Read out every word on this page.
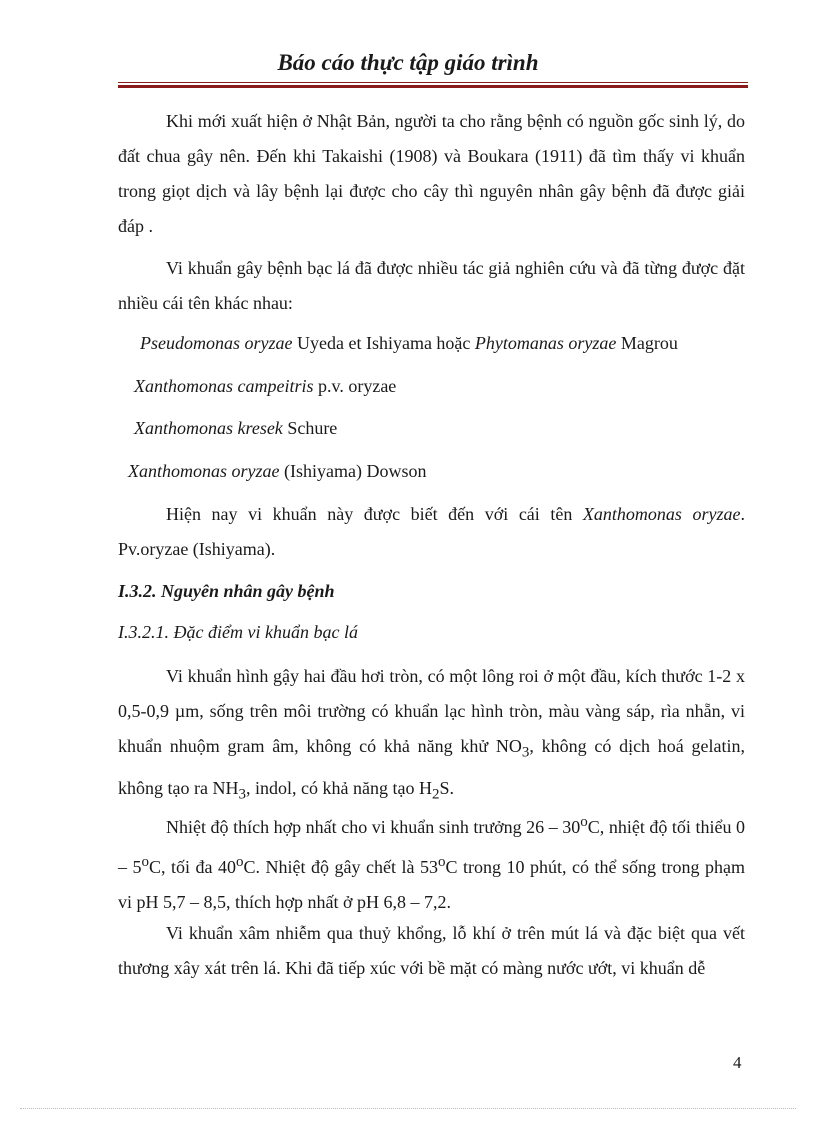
Báo cáo thực tập giáo trình

Khi mới xuất hiện ở Nhật Bản, người ta cho rằng bệnh có nguồn gốc sinh lý, do đất chua gây nên. Đến khi Takaishi (1908) và Boukara (1911) đã tìm thấy vi khuẩn trong giọt dịch và lây bệnh lại được cho cây thì nguyên nhân gây bệnh đã được giải đáp .

Vi khuẩn gây bệnh bạc lá đã được nhiều tác giả nghiên cứu và đã từng được đặt nhiều cái tên khác nhau:

Pseudomonas oryzae Uyeda et Ishiyama hoặc Phytomanas oryzae Magrou
Xanthomonas campeitris p.v. oryzae
Xanthomonas kresek Schure
Xanthomonas oryzae (Ishiyama) Dowson

Hiện nay vi khuẩn này được biết đến với cái tên Xanthomonas oryzae. Pv.oryzae (Ishiyama).

I.3.2. Nguyên nhân gây bệnh

I.3.2.1. Đặc điểm vi khuẩn bạc lá

Vi khuẩn hình gậy hai đầu hơi tròn, có một lông roi ở một đầu, kích thước 1-2 x 0,5-0,9 µm, sống trên môi trường có khuẩn lạc hình tròn, màu vàng sáp, rìa nhẵn, vi khuẩn nhuộm gram âm, không có khả năng khử $NO_3$, không có dịch hoá gelatin, không tạo ra $NH_3$, indol, có khả năng tạo $H_2S$.

Nhiệt độ thích hợp nhất cho vi khuẩn sinh trưởng 26 – 30$^o$C, nhiệt độ tối thiểu 0 – 5$^o$C, tối đa 40$^o$C. Nhiệt độ gây chết là 53$^o$C trong 10 phút, có thể sống trong phạm vi pH 5,7 – 8,5, thích hợp nhất ở pH 6,8 – 7,2.

Vi khuẩn xâm nhiễm qua thuỷ khổng, lỗ khí ở trên mút lá và đặc biệt qua vết thương xây xát trên lá. Khi đã tiếp xúc với bề mặt có màng nước ướt, vi khuẩn dễ

4
